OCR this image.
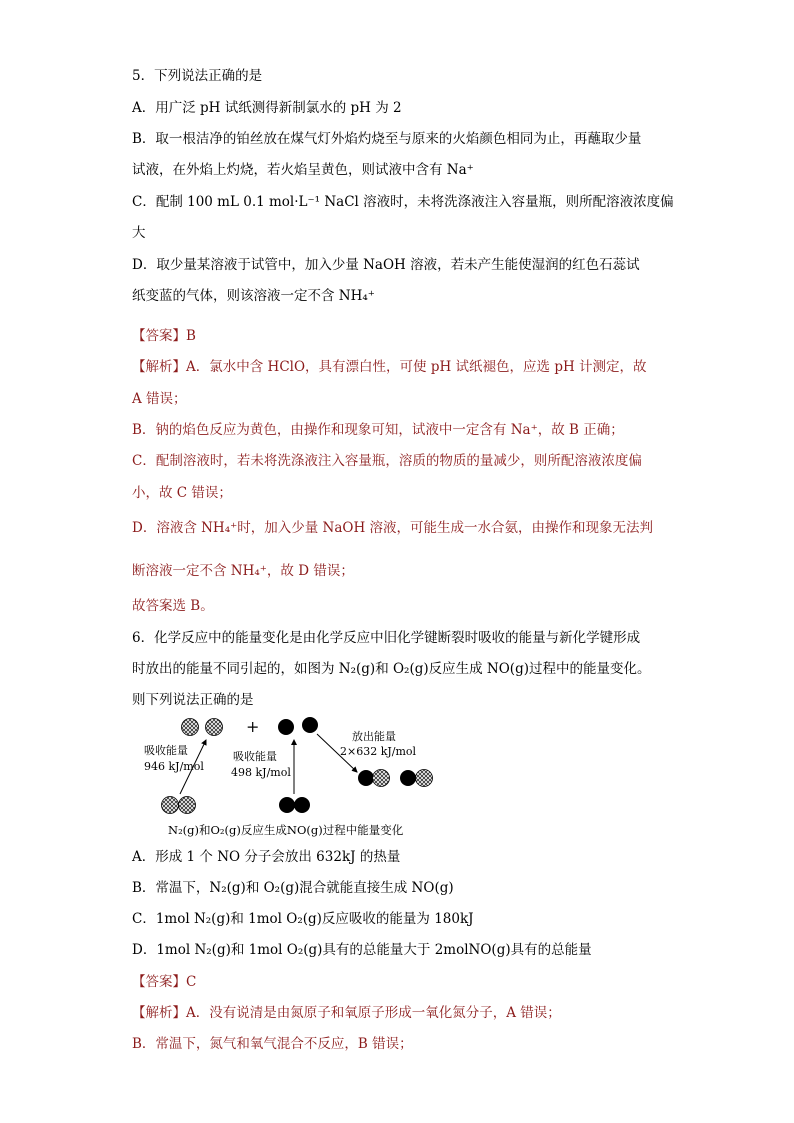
5．下列说法正确的是
A．用广泛 pH 试纸测得新制氯水的 pH 为 2
B．取一根洁净的铂丝放在煤气灯外焰灼烧至与原来的火焰颜色相同为止，再蘸取少量
试液，在外焰上灼烧，若火焰呈黄色，则试液中含有 Na⁺
C．配制 100 mL 0.1 mol·L⁻¹ NaCl 溶液时，未将洗涤液注入容量瓶，则所配溶液浓度偏
大
D．取少量某溶液于试管中，加入少量 NaOH 溶液，若未产生能使湿润的红色石蕊试
纸变蓝的气体，则该溶液一定不含 NH₄⁺
【答案】B
【解析】A．氯水中含 HClO，具有漂白性，可使 pH 试纸褪色，应选 pH 计测定，故
A 错误；
B．钠的焰色反应为黄色，由操作和现象可知，试液中一定含有 Na⁺，故 B 正确；
C．配制溶液时，若未将洗涤液注入容量瓶，溶质的物质的量减少，则所配溶液浓度偏
小，故 C 错误；
D．溶液含 NH₄⁺时，加入少量 NaOH 溶液，可能生成一水合氨，由操作和现象无法判
断溶液一定不含 NH₄⁺，故 D 错误；
故答案选 B。
6．化学反应中的能量变化是由化学反应中旧化学键断裂时吸收的能量与新化学键形成
时放出的能量不同引起的，如图为 N₂(g)和 O₂(g)反应生成 NO(g)过程中的能量变化。
则下列说法正确的是
+
吸收能量
946 kJ/mol
吸收能量
498 kJ/mol
放出能量
2×632 kJ/mol
N₂(g)和O₂(g)反应生成NO(g)过程中能量变化
A．形成 1 个 NO 分子会放出 632kJ 的热量
B．常温下，N₂(g)和 O₂(g)混合就能直接生成 NO(g)
C．1mol N₂(g)和 1mol O₂(g)反应吸收的能量为 180kJ
D．1mol N₂(g)和 1mol O₂(g)具有的总能量大于 2molNO(g)具有的总能量
【答案】C
【解析】A．没有说清是由氮原子和氧原子形成一氧化氮分子，A 错误；
B．常温下，氮气和氧气混合不反应，B 错误；
